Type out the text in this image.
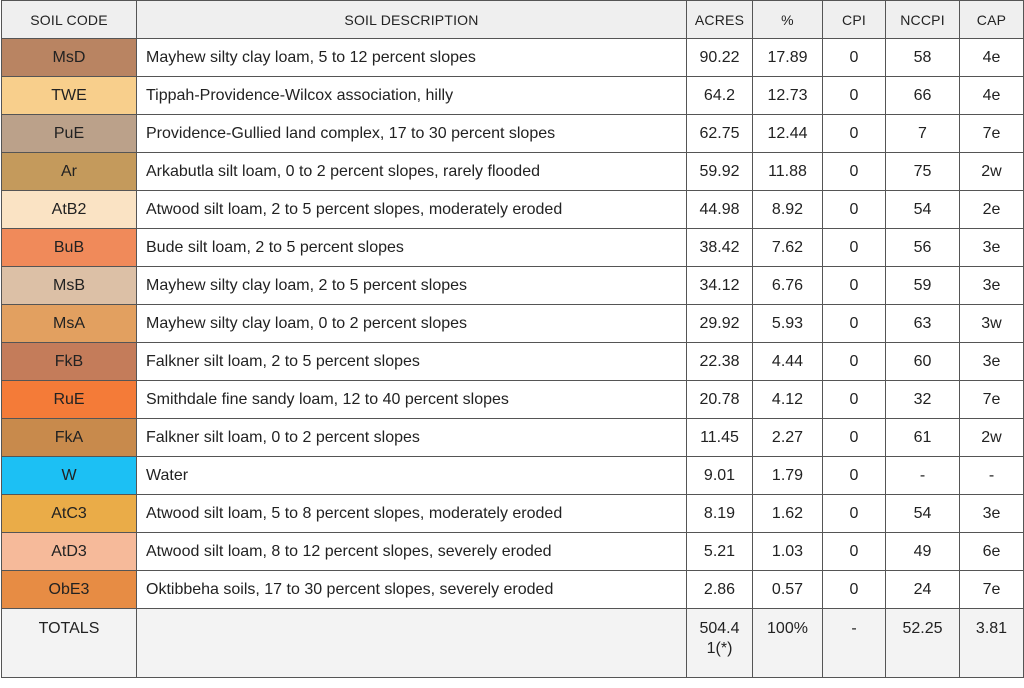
SOIL CODE	SOIL DESCRIPTION	ACRES	%	CPI	NCCPI	CAP
MsD	Mayhew silty clay loam, 5 to 12 percent slopes	90.22	17.89	0	58	4e
TWE	Tippah-Providence-Wilcox association, hilly	64.2	12.73	0	66	4e
PuE	Providence-Gullied land complex, 17 to 30 percent slopes	62.75	12.44	0	7	7e
Ar	Arkabutla silt loam, 0 to 2 percent slopes, rarely flooded	59.92	11.88	0	75	2w
AtB2	Atwood silt loam, 2 to 5 percent slopes, moderately eroded	44.98	8.92	0	54	2e
BuB	Bude silt loam, 2 to 5 percent slopes	38.42	7.62	0	56	3e
MsB	Mayhew silty clay loam, 2 to 5 percent slopes	34.12	6.76	0	59	3e
MsA	Mayhew silty clay loam, 0 to 2 percent slopes	29.92	5.93	0	63	3w
FkB	Falkner silt loam, 2 to 5 percent slopes	22.38	4.44	0	60	3e
RuE	Smithdale fine sandy loam, 12 to 40 percent slopes	20.78	4.12	0	32	7e
FkA	Falkner silt loam, 0 to 2 percent slopes	11.45	2.27	0	61	2w
W	Water	9.01	1.79	0	-	-
AtC3	Atwood silt loam, 5 to 8 percent slopes, moderately eroded	8.19	1.62	0	54	3e
AtD3	Atwood silt loam, 8 to 12 percent slopes, severely eroded	5.21	1.03	0	49	6e
ObE3	Oktibbeha soils, 17 to 30 percent slopes, severely eroded	2.86	0.57	0	24	7e
TOTALS		504.41(*)	100%	-	52.25	3.81
